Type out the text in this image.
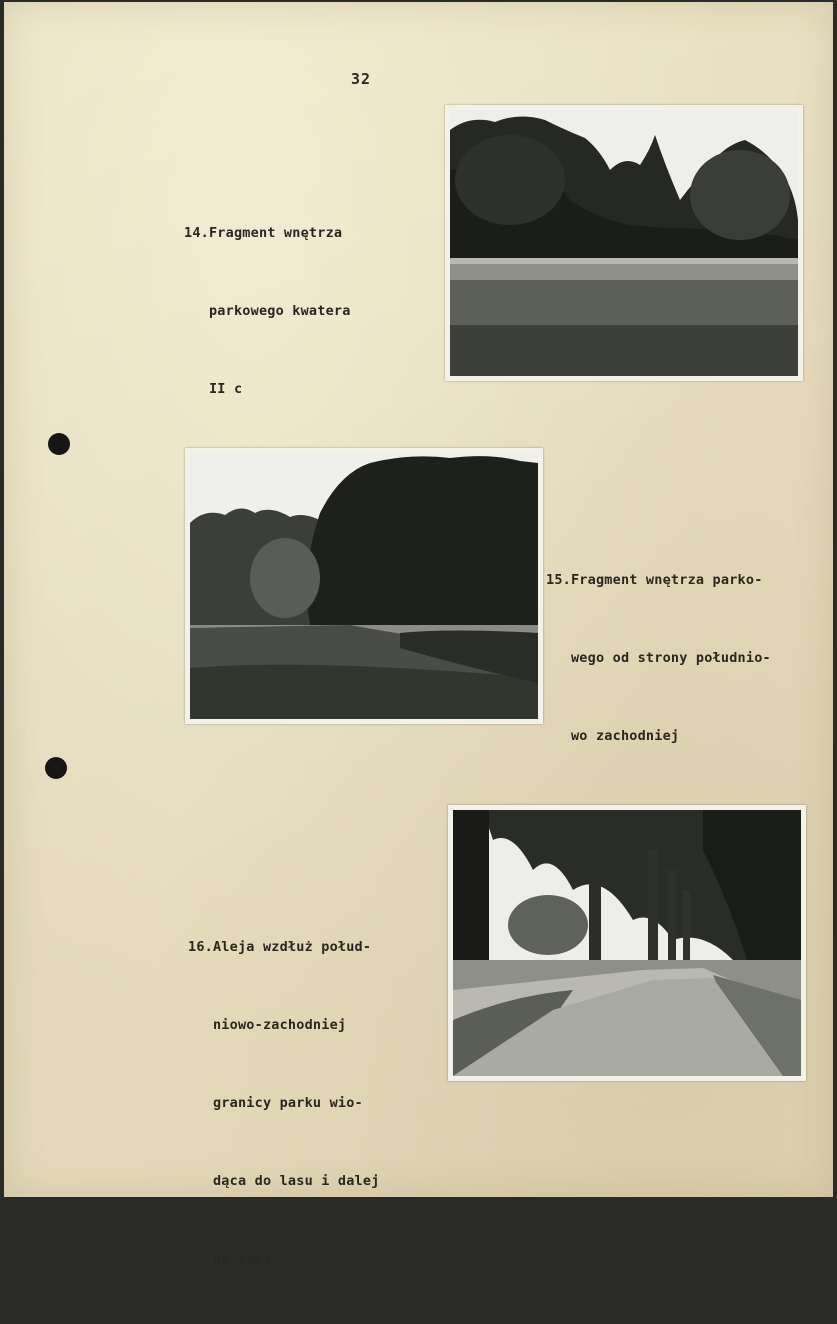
32

14.Fragment wnętrza

parkowego kwatera

II c

15.Fragment wnętrza parko-

wego od strony południo-

wo zachodniej

16.Aleja wzdłuż połud-

niowo-zachodniej

granicy parku wio-

dąca do lasu i dalej

na łąki.
